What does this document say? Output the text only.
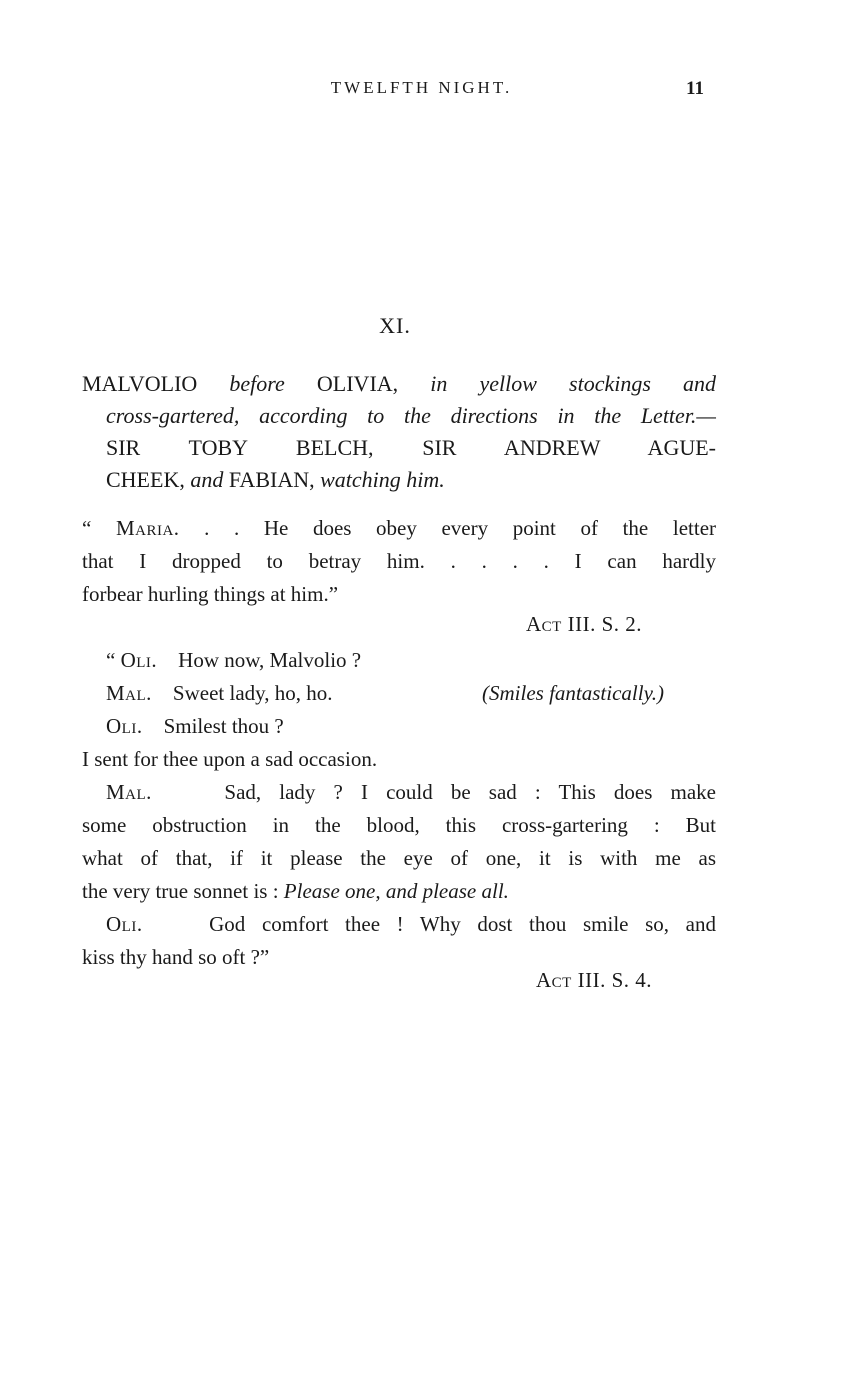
TWELFTH NIGHT.	11
XI.
MALVOLIO before OLIVIA, in yellow stockings and
cross-gartered, according to the directions in the Letter.—
SIR TOBY BELCH, SIR ANDREW AGUE-
CHEEK, and FABIAN, watching him.
“ Maria. . . He does obey every point of the letter
that I dropped to betray him. . . . . I can hardly
forbear hurling things at him.”
Act III. S. 2.
“ Oli. How now, Malvolio ?
Mal. Sweet lady, ho, ho.	(Smiles fantastically.)
Oli. Smilest thou ?
I sent for thee upon a sad occasion.
Mal.	Sad, lady ? I could be sad : This does make
some obstruction in the blood, this cross-gartering : But
what of that, if it please the eye of one, it is with me as
the very true sonnet is : Please one, and please all.
Oli.	God comfort thee ! Why dost thou smile so, and
kiss thy hand so oft ?”
Act III. S. 4.
